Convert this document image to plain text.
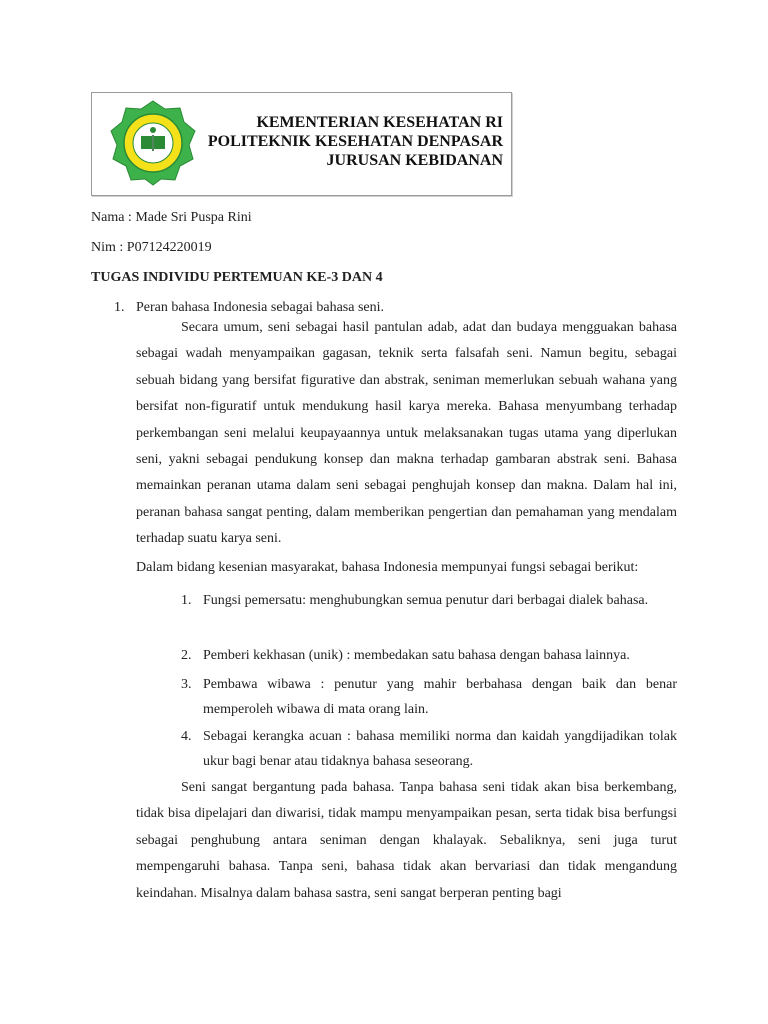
KEMENTERIAN KESEHATAN RI
POLITEKNIK KESEHATAN DENPASAR
JURUSAN KEBIDANAN
Nama : Made Sri Puspa Rini
Nim : P07124220019
TUGAS INDIVIDU PERTEMUAN KE-3 DAN 4
1. Peran bahasa Indonesia sebagai bahasa seni.

Secara umum, seni sebagai hasil pantulan adab, adat dan budaya mengguakan bahasa sebagai wadah menyampaikan gagasan, teknik serta falsafah seni. Namun begitu, sebagai sebuah bidang yang bersifat figurative dan abstrak, seniman memerlukan sebuah wahana yang bersifat non-figuratif untuk mendukung hasil karya mereka. Bahasa menyumbang terhadap perkembangan seni melalui keupayaannya untuk melaksanakan tugas utama yang diperlukan seni, yakni sebagai pendukung konsep dan makna terhadap gambaran abstrak seni. Bahasa memainkan peranan utama dalam seni sebagai penghujah konsep dan makna. Dalam hal ini, peranan bahasa sangat penting, dalam memberikan pengertian dan pemahaman yang mendalam terhadap suatu karya seni.

Dalam bidang kesenian masyarakat, bahasa Indonesia mempunyai fungsi sebagai berikut:
1. Fungsi pemersatu: menghubungkan semua penutur dari berbagai dialek bahasa.

2. Pemberi kekhasan (unik) : membedakan satu bahasa dengan bahasa lainnya.

3. Pembawa wibawa : penutur yang mahir berbahasa dengan baik dan benar memperoleh wibawa di mata orang lain.

4. Sebagai kerangka acuan : bahasa memiliki norma dan kaidah yangdijadikan tolak ukur bagi benar atau tidaknya bahasa seseorang.

Seni sangat bergantung pada bahasa. Tanpa bahasa seni tidak akan bisa berkembang, tidak bisa dipelajari dan diwarisi, tidak mampu menyampaikan pesan, serta tidak bisa berfungsi sebagai penghubung antara seniman dengan khalayak. Sebaliknya, seni juga turut mempengaruhi bahasa. Tanpa seni, bahasa tidak akan bervariasi dan tidak mengandung keindahan. Misalnya dalam bahasa sastra, seni sangat berperan penting bagi
